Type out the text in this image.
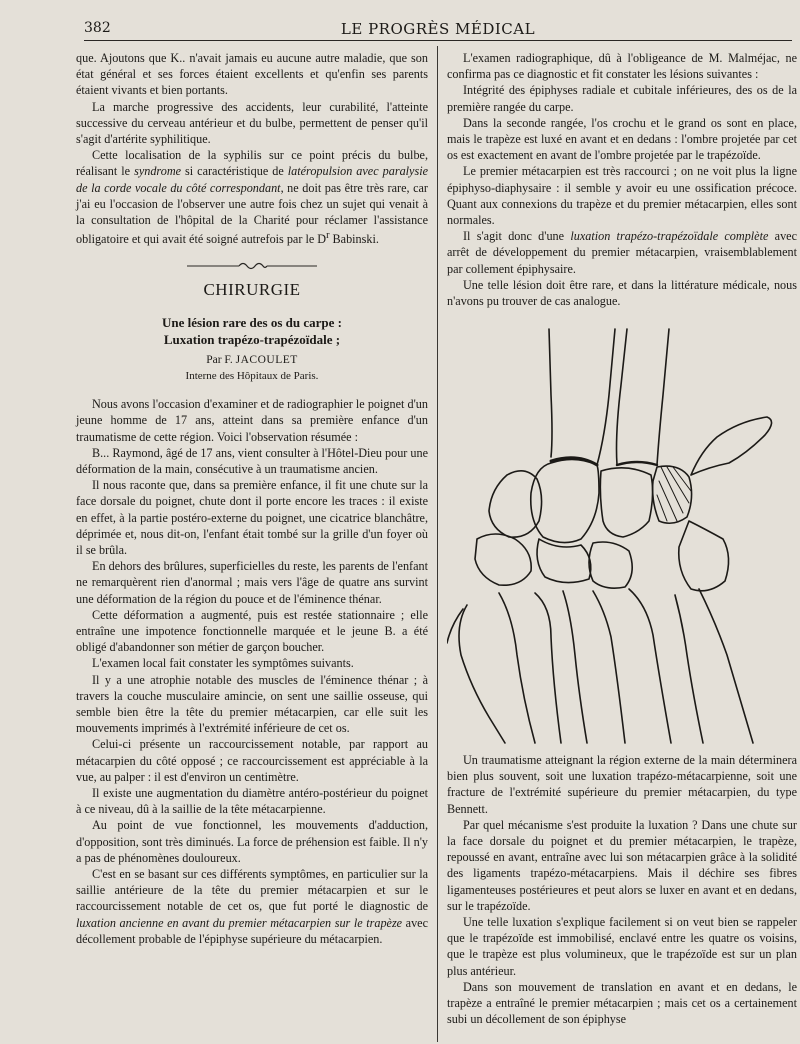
382	LE PROGRÈS MÉDICAL

que. Ajoutons que K.. n'avait jamais eu aucune autre maladie, que son état général et ses forces étaient excellents et qu'enfin ses parents étaient vivants et bien portants.

La marche progressive des accidents, leur curabilité, l'atteinte successive du cerveau antérieur et du bulbe, permettent de penser qu'il s'agit d'artérite syphilitique.

Cette localisation de la syphilis sur ce point précis du bulbe, réalisant le syndrome si caractéristique de latéropulsion avec paralysie de la corde vocale du côté correspondant, ne doit pas être très rare, car j'ai eu l'occasion de l'observer une autre fois chez un sujet qui venait à la consultation de l'hôpital de la Charité pour réclamer l'assistance obligatoire et qui avait été soigné autrefois par le $D^r$ Babinski.

CHIRURGIE
Une lésion rare des os du carpe :
Luxation trapézo-trapézoïdale ;
Par F. JACOULET
Interne des Hôpitaux de Paris.

Nous avons l'occasion d'examiner et de radiographier le poignet d'un jeune homme de 17 ans, atteint dans sa première enfance d'un traumatisme de cette région. Voici l'observation résumée :

B... Raymond, âgé de 17 ans, vient consulter à l'Hôtel-Dieu pour une déformation de la main, consécutive à un traumatisme ancien.

Il nous raconte que, dans sa première enfance, il fit une chute sur la face dorsale du poignet, chute dont il porte encore les traces : il existe en effet, à la partie postéro-externe du poignet, une cicatrice blanchâtre, déprimée et, nous dit-on, l'enfant était tombé sur la grille d'un foyer où il se brûla.

En dehors des brûlures, superficielles du reste, les parents de l'enfant ne remarquèrent rien d'anormal ; mais vers l'âge de quatre ans survint une déformation de la région du pouce et de l'éminence thénar.

Cette déformation a augmenté, puis est restée stationnaire ; elle entraîne une impotence fonctionnelle marquée et le jeune B. a été obligé d'abandonner son métier de garçon boucher.

L'examen local fait constater les symptômes suivants.

Il y a une atrophie notable des muscles de l'éminence thénar ; à travers la couche musculaire amincie, on sent une saillie osseuse, qui semble bien être la tête du premier métacarpien, car elle suit les mouvements imprimés à l'extrémité inférieure de cet os.

Celui-ci présente un raccourcissement notable, par rapport au métacarpien du côté opposé ; ce raccourcissement est appréciable à la vue, au palper : il est d'environ un centimètre.

Il existe une augmentation du diamètre antéro-postérieur du poignet à ce niveau, dû à la saillie de la tête métacarpienne.

Au point de vue fonctionnel, les mouvements d'adduction, d'opposition, sont très diminués. La force de préhension est faible. Il n'y a pas de phénomènes douloureux.

C'est en se basant sur ces différents symptômes, en particulier sur la saillie antérieure de la tête du premier métacarpien et sur le raccourcissement notable de cet os, que fut porté le diagnostic de luxation ancienne en avant du premier métacarpien sur le trapèze avec décollement probable de l'épiphyse supérieure du métacarpien.

L'examen radiographique, dû à l'obligeance de M. Malméjac, ne confirma pas ce diagnostic et fit constater les lésions suivantes :

Intégrité des épiphyses radiale et cubitale inférieures, des os de la première rangée du carpe.

Dans la seconde rangée, l'os crochu et le grand os sont en place, mais le trapèze est luxé en avant et en dedans : l'ombre projetée par cet os est exactement en avant de l'ombre projetée par le trapézoïde.

Le premier métacarpien est très raccourci ; on ne voit plus la ligne épiphyso-diaphysaire : il semble y avoir eu une ossification précoce. Quant aux connexions du trapèze et du premier métacarpien, elles sont normales.

Il s'agit donc d'une luxation trapézo-trapézoïdale complète avec arrêt de développement du premier métacarpien, vraisemblablement par collement épiphysaire.

Une telle lésion doit être rare, et dans la littérature médicale, nous n'avons pu trouver de cas analogue.

Un traumatisme atteignant la région externe de la main déterminera bien plus souvent, soit une luxation trapézo-métacarpienne, soit une fracture de l'extrémité supérieure du premier métacarpien, du type Bennett.

Par quel mécanisme s'est produite la luxation ? Dans une chute sur la face dorsale du poignet et du premier métacarpien, le trapèze, repoussé en avant, entraîne avec lui son métacarpien grâce à la solidité des ligaments trapézo-métacarpiens. Mais il déchire ses fibres ligamenteuses postérieures et peut alors se luxer en avant et en dedans, sur le trapézoïde.

Une telle luxation s'explique facilement si on veut bien se rappeler que le trapézoïde est immobilisé, enclavé entre les quatre os voisins, que le trapèze est plus volumineux, que le trapézoïde est sur un plan plus antérieur.

Dans son mouvement de translation en avant et en dedans, le trapèze a entraîné le premier métacarpien ; mais cet os a certainement subi un décollement de son épiphyse
